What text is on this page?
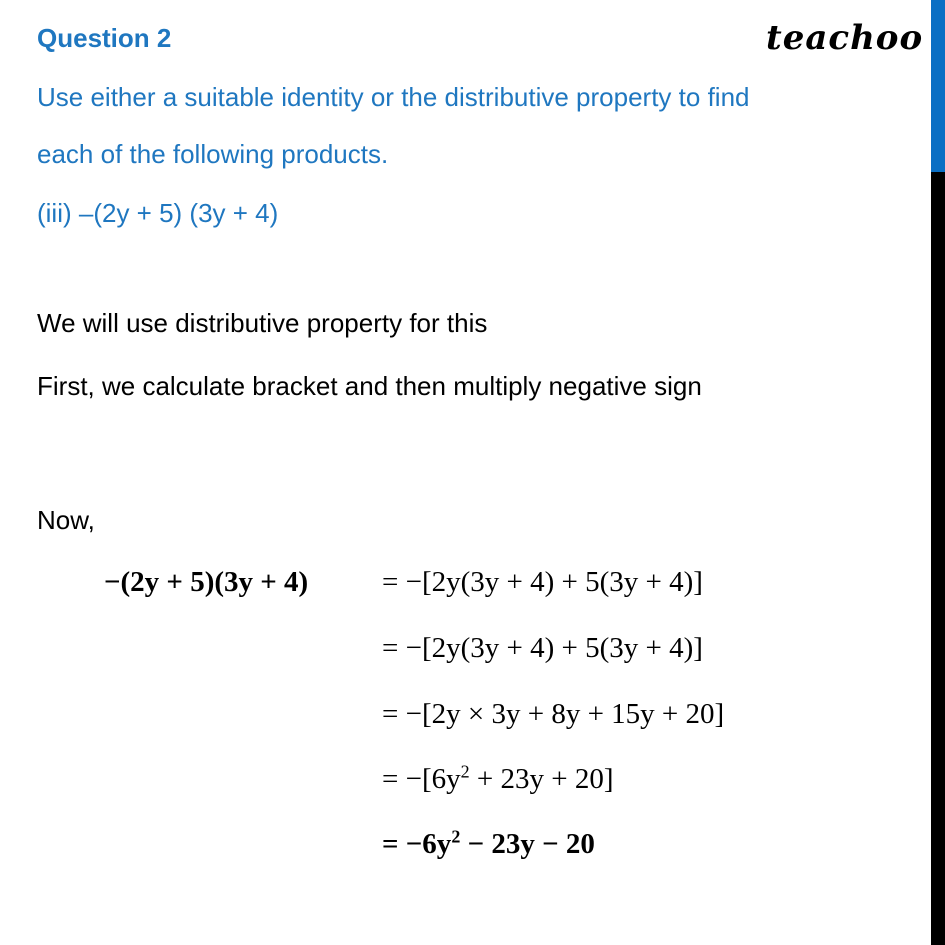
Question 2	teachoo
Use either a suitable identity or the distributive property to find
each of the following products.
(iii) –(2y + 5) (3y + 4)
We will use distributive property for this
First, we calculate bracket and then multiply negative sign
Now,
−(2y + 5)(3y + 4)	= −[2y(3y + 4) + 5(3y + 4)]
= −[2y(3y + 4) + 5(3y + 4)]
= −[2y × 3y + 8y + 15y + 20]
= $-[6y^2 + 23y + 20]$
= $-6y^2 - 23y - 20$
